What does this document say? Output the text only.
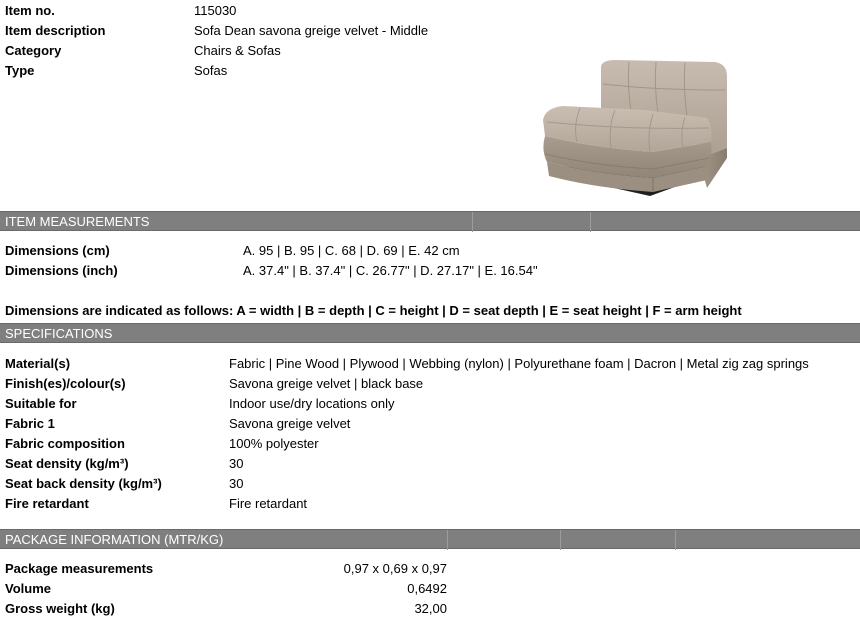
Item no.	115030
Item description	Sofa Dean savona greige velvet - Middle
Category	Chairs & Sofas
Type	Sofas
ITEM MEASUREMENTS
Dimensions (cm)	A. 95 | B. 95 | C. 68 | D. 69 | E. 42 cm
Dimensions (inch)	A. 37.4" | B. 37.4" | C. 26.77" | D. 27.17" | E. 16.54"
Dimensions are indicated as follows: A = width | B = depth | C = height | D = seat depth | E = seat height | F = arm height
SPECIFICATIONS
Material(s)	Fabric | Pine Wood | Plywood | Webbing (nylon) | Polyurethane foam | Dacron | Metal zig zag springs
Finish(es)/colour(s)	Savona greige velvet | black base
Suitable for	Indoor use/dry locations only
Fabric 1	Savona greige velvet
Fabric composition	100% polyester
Seat density (kg/m³)	30
Seat back density (kg/m³)	30
Fire retardant	Fire retardant
PACKAGE INFORMATION (MTR/KG)
Package measurements	0,97 x 0,69 x 0,97
Volume	0,6492
Gross weight (kg)	32,00
